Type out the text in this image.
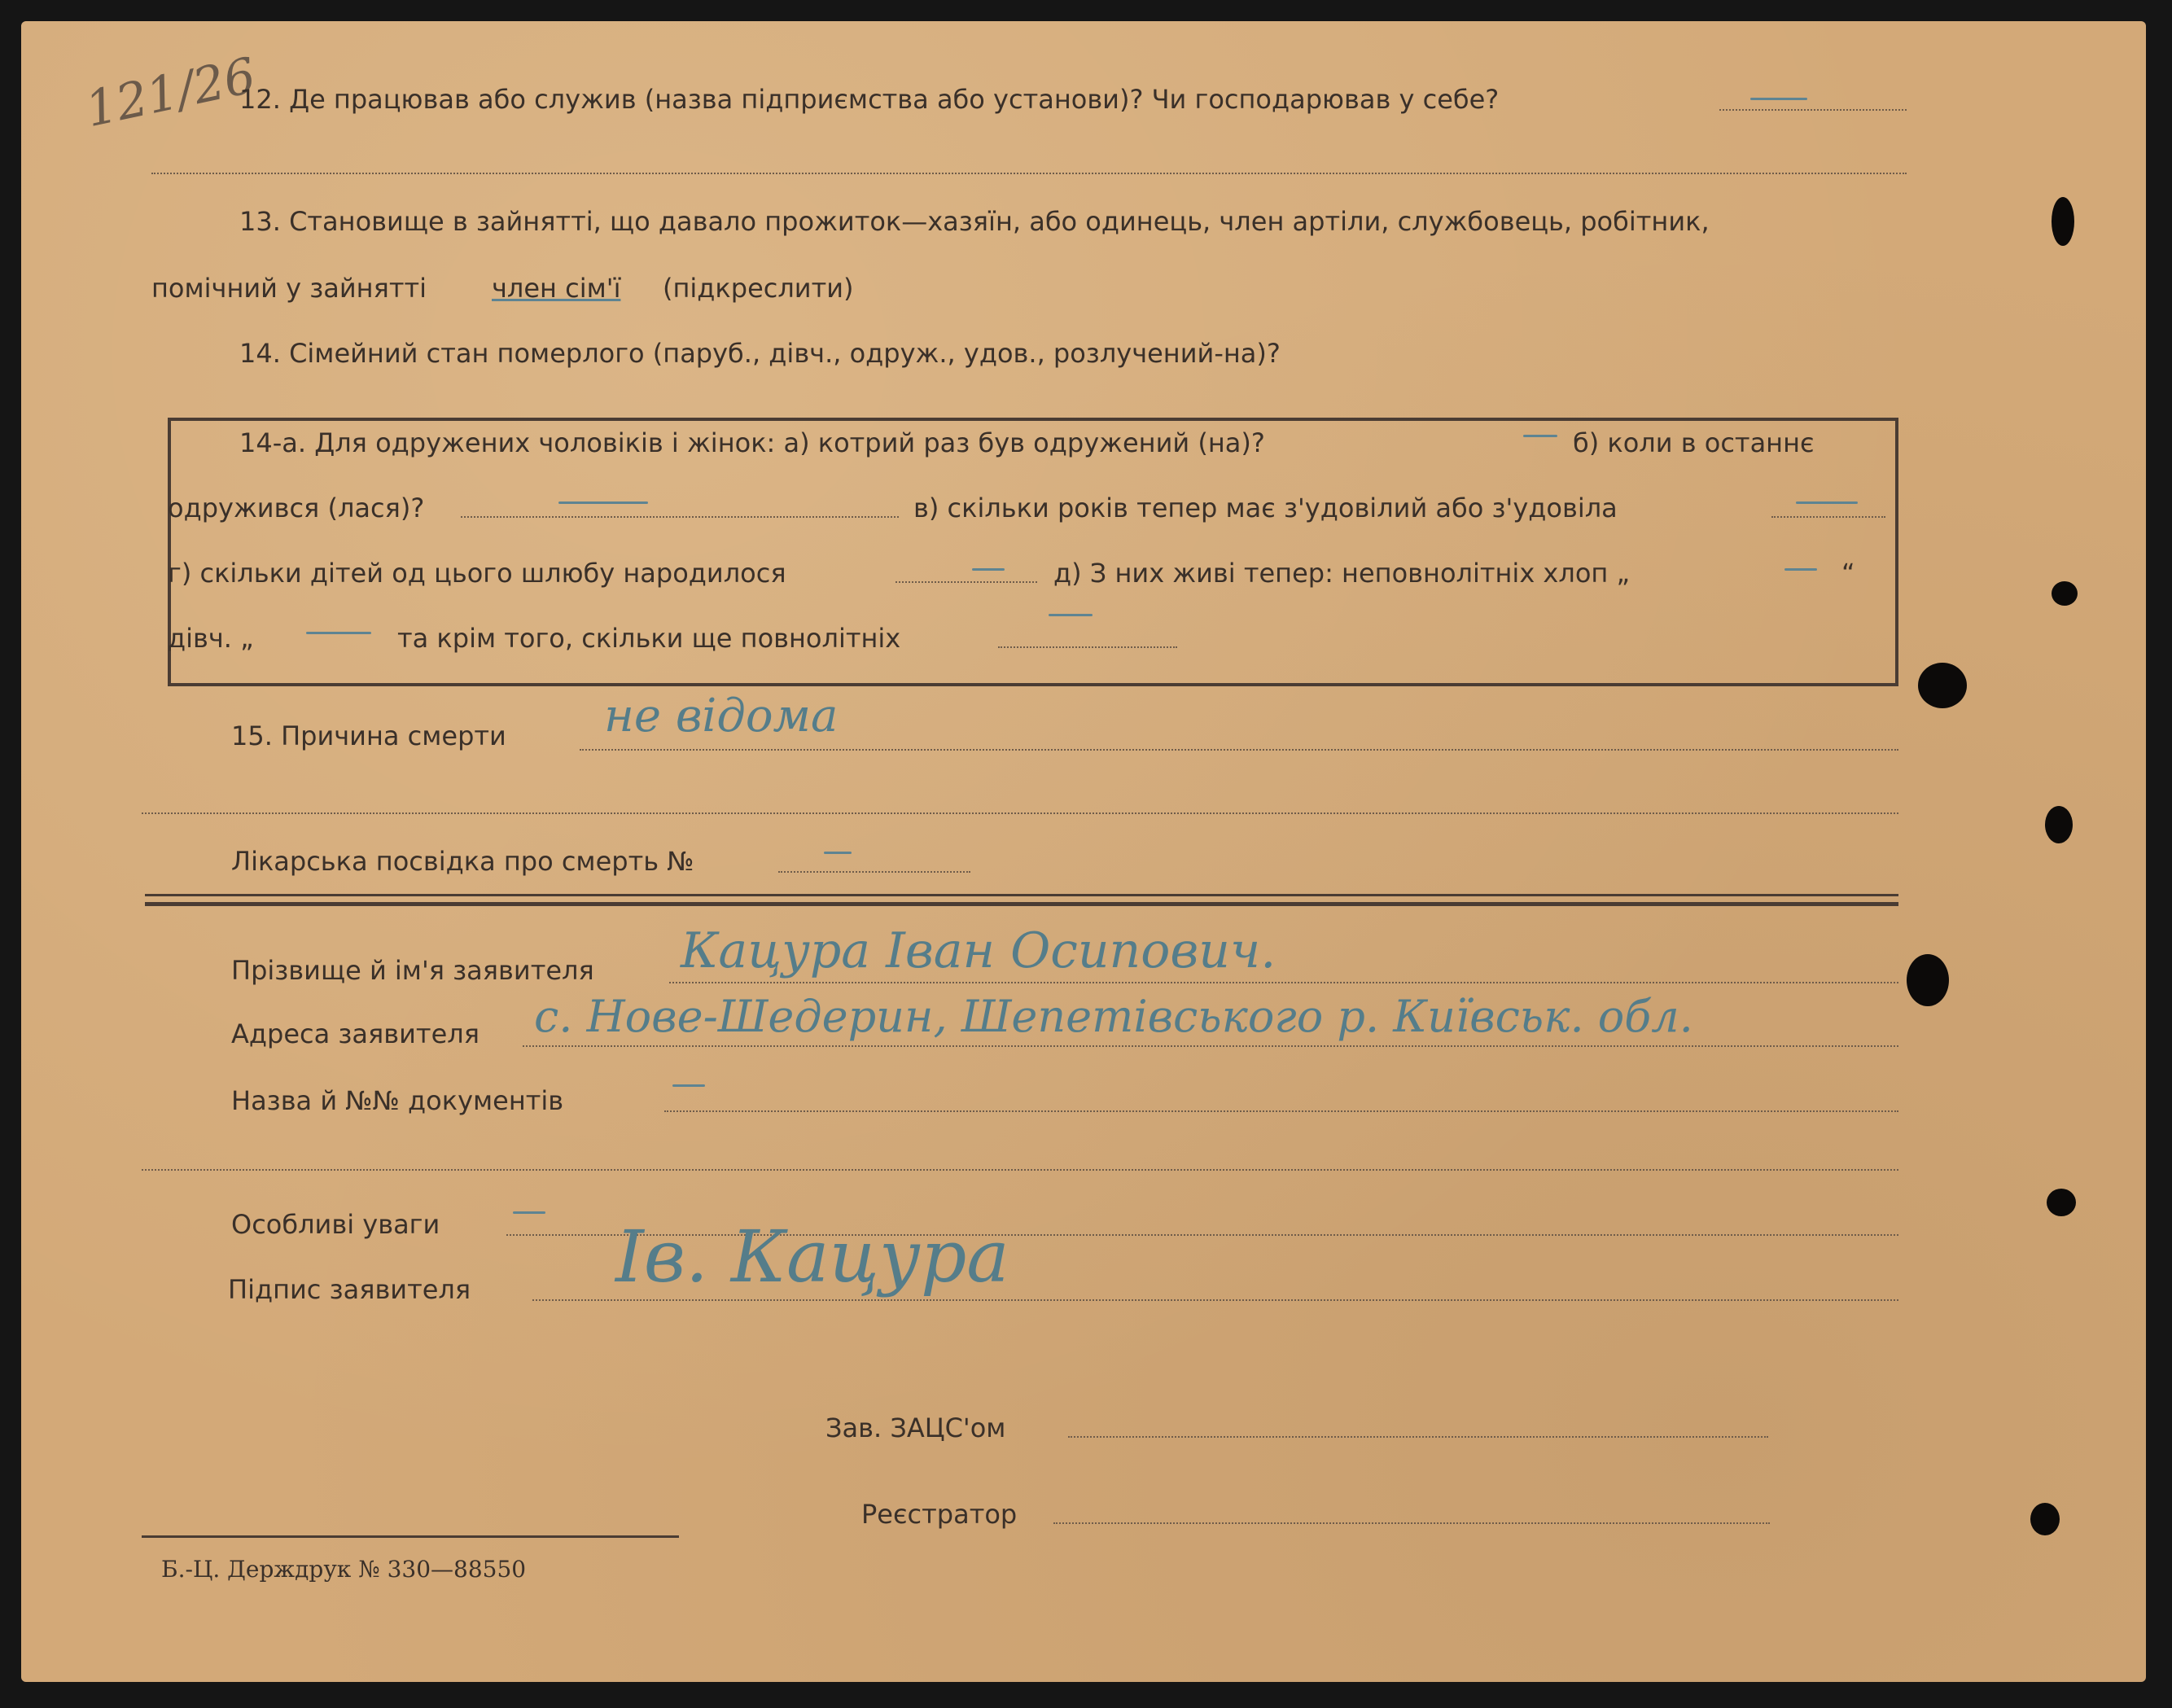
121/26
12. Де працював або служив (назва підприємства або установи)? Чи господарював у себе?
13. Становище в зайнятті, що давало прожиток—хазяїн, або одинець, член артіли, службовець, робітник,
помічний у зайнятті	член сім'ї (підкреслити)
14. Сімейний стан померлого (паруб., дівч., одруж., удов., розлучений-на)?
14-а. Для одружених чоловіків і жінок: а) котрий раз був одружений (на)?	б) коли в останнє
одружився (лася)?	в) скільки років тепер має з'удовілий або з'удовіла
г) скільки дітей од цього шлюбу народилося	д) З них живі тепер: неповнолітніх хлоп „	“
дівч. „	та крім того, скільки ще повнолітніх
15. Причина смерти не відома
Лікарська посвідка про смерть №
Прізвище й ім'я заявителя Кацура Іван Осипович.
Адреса заявителя с. Нове-Шедерин, Шепетівського р. Київськ. обл.
Назва й №№ документів
Особливі уваги
Підпис заявителя Ів. Кацура
Зав. ЗАЦС'ом
Реєстратор
Б.-Ц. Держдрук № 330—88550
